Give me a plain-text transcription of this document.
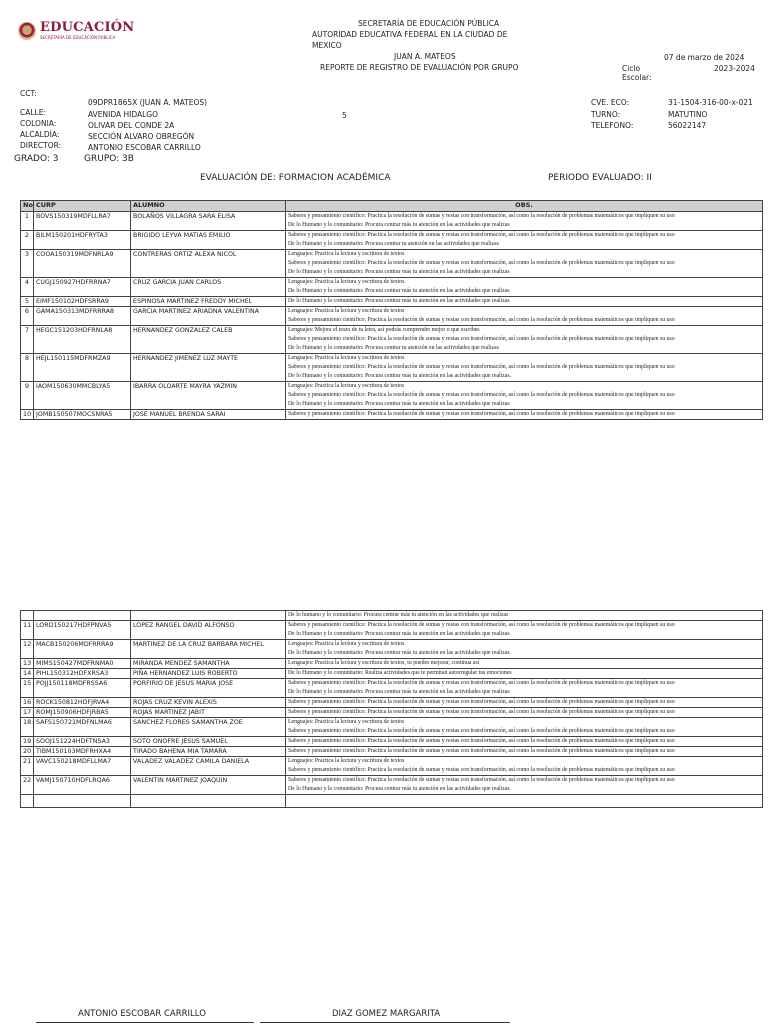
EDUCACIÓN
SECRETARÍA DE EDUCACIÓN PÚBLICA
SECRETARÍA DE EDUCACIÓN PÚBLICA
AUTORIDAD EDUCATIVA FEDERAL EN LA CIUDAD DE
MEXICO
JUAN A. MATEOS
REPORTE DE REGISTRO DE EVALUACIÓN POR GRUPO
07 de marzo de 2024
Ciclo
Escolar:
2023-2024
CCT:
09DPR1865X (JUAN A. MATEOS)
CALLE:	AVENIDA HIDALGO
COLONIA:	OLIVAR DEL CONDE 2A
ALCALDÍA:	SECCIÓN ALVARO OBREGÓN
DIRECTOR:	ANTONIO ESCOBAR CARRILLO
5
CVE. ECO:	31-1504-316-00-x-021
TURNO:	MATUTINO
TELEFONO:	56022147
GRADO: 3	GRUPO: 3B
EVALUACIÓN DE: FORMACION ACADÉMICA	PERIODO EVALUADO: II
No	CURP	ALUMNO	OBS.
1	BOVS150319MDFLLRA7	BOLAÑOS VILLAGRA SARA ELISA	Saberes y pensamiento científico: Practica la resolución de sumas y restas con transformación, así como la resolución de problemas matemáticos que impliquen su uso
De lo Humano y lo comunitario: Procura centrar más tu atención en las actividades que realizas

2	BILM150201HDFRYTA3	BRIGIDO LEYVA MATIAS EMILIO	Saberes y pensamiento científico: Practica la resolución de sumas y restas con transformación, así como la resolución de problemas matemáticos que impliquen su uso
De lo Humano y lo comunitario: Procura centrar tu atención en las actividades que realizas

3	COOA150319MDFNRLA9	CONTRERAS ORTIZ ALEXA NICOL	Lenguajes: Practica la lectura y escritura de textos
Saberes y pensamiento científico: Practica la resolución de sumas y restas con transformación, así como la resolución de problemas matemáticos que impliquen su uso
De lo Humano y lo comunitario: Procura centrar más tu atención en las actividades que realizas

4	CUGJ150927HDFRRNA7	CRUZ GARCIA JUAN CARLOS	Lenguajes: Practica la lectura y escritura de textos
De lo Humano y lo comunitario: Procura centrar más tu atención en las actividades que realizas

5	EIMF150102HDFSRRA9	ESPINOSA MARTINEZ FREDDY MICHEL	De lo Humano y lo comunitario: Procura centrar más tu atención en las actividades que realizas

6	GAMA150313MDFRRRA8	GARCIA MARTINEZ ARIADNA VALENTINA	Lenguajes: Practica la lectura y escritura de textos
Saberes y pensamiento científico: Practica la resolución de sumas y restas con transformación, así como la resolución de problemas matemáticos que impliquen su uso

7	HEGC151203HDFRNLA8	HERNANDEZ GONZALEZ CALEB	Lenguajes: Mejora el trazo de tu letra, así podrás comprender mejor o que escribes
Saberes y pensamiento científico: Practica la resolución de sumas y restas con transformación, así como la resolución de problemas matemáticos que impliquen su uso
De lo Humano y lo comunitario: Procura centrar tu atención en las actividades que realizas

8	HEJL150115MDFRMZA9	HERNANDEZ JIMENEZ LUZ MAYTE	Lenguajes: Practica la lectura y escritura de textos
Saberes y pensamiento científico: Practica la resolución de sumas y restas con transformación, así como la resolución de problemas matemáticos que impliquen su uso
De lo Humano y lo comunitario: Procura centrar más tu atención en las actividades que realizas.

9	IAOM150630MMCBLYA5	IBARRA OLOARTE MAYRA YAZMIN	Lenguajes: Practica la lectura y escritura de textos
Saberes y pensamiento científico: Practica la resolución de sumas y restas con transformación, así como la resolución de problemas matemáticos que impliquen su uso
De lo Humano y lo comunitario: Procura centrar más tu atención en las actividades que realizas

10	JOMB150507MOCSNRA5	JOSE MANUEL BRENDA SARAI	Saberes y pensamiento científico: Practica la resolución de sumas y restas con transformación, así como la resolución de problemas matemáticos que impliquen su uso

			De lo humano y lo comunitario: Procura centrar más tu atención en las actividades que realizas

11	LORD150217HDFPNVA5	LOPEZ RANGEL DAVID ALFONSO	Saberes y pensamiento científico: Practica la resolución de sumas y restas con transformación, así como la resolución de problemas matemáticos que impliquen su uso
De lo Humano y lo comunitario: Procura centrar más tu atención en las actividades que realizas

12	MACB150206MDFRRRA9	MARTINEZ DE LA CRUZ BARBARA MICHEL	Lenguajes: Practica la lectura y escritura de textos
De lo Humano y lo comunitario: Procura centrar más tu atención en las actividades que realizas

13	MIMS150427MDFRNMA0	MIRANDA MENDEZ SAMANTHA	Lenguajes: Practica la lectura y escritura de textos, tu puedes mejorar, continua así

14	PIHL150312HDFXRSA3	PIÑA HERNANDEZ LUIS ROBERTO	De lo Humano y lo comunitario: Realiza actividades que te permitan autorregular tus emociones

15	POJJ150118MDFRSSA6	PORFIRIO DE JESUS MARIA JOSE	Saberes y pensamiento científico: Practica la resolución de sumas y restas con transformación, así como la resolución de problemas matemáticos que impliquen su uso
De lo Humano y lo comunitario: Procura centrar más tu atención en las actividades que realizas

16	ROCK150812HDFJRVA4	ROJAS CRUZ KEVIN ALEXIS	Saberes y pensamiento científico: Practica la resolución de sumas y restas con transformación, así como la resolución de problemas matemáticos que impliquen su uso

17	ROMJ150906HDFJRBA5	ROJAS MARTINEZ JABIT	Saberes y pensamiento científico: Practica la resolución de sumas y restas con transformación, así como la resolución de problemas matemáticos que impliquen su uso

18	SAFS150721MDFNLMA6	SANCHEZ FLORES SAMANTHA ZOE	Lenguajes: Practica la lectura y escritura de textos
Saberes y pensamiento científico: Practica la resolución de sumas y restas con transformación, así como la resolución de problemas matemáticos que impliquen su uso

19	SOOJ151224HDFTNSA3	SOTO ONOFRE JESUS SAMUEL	Saberes y pensamiento científico: Practica la resolución de sumas y restas con transformación, así como la resolución de problemas matemáticos que impliquen su uso

20	TIBM150103MDFRHXA4	TIRADO BAHENA MIA TAMARA	Saberes y pensamiento científico: Practica la resolución de sumas y restas con transformación, así como la resolución de problemas matemáticos que impliquen su uso

21	VAVC150218MDFLLMA7	VALADEZ VALADEZ CAMILA DANIELA	Lenguajes: Practica la lectura y escritura de textos
Saberes y pensamiento científico: Practica la resolución de sumas y restas con transformación, así como la resolución de problemas matemáticos que impliquen su uso

22	VAMJ150710HDFLRQA6	VALENTIN MARTINEZ JOAQUIN	Saberes y pensamiento científico: Practica la resolución de sumas y restas con transformación, así como la resolución de problemas matemáticos que impliquen su uso
De lo Humano y lo comunitario: Procura centrar más tu atención en las actividades que realizas

ANTONIO ESCOBAR CARRILLO	DIAZ GOMEZ MARGARITA
